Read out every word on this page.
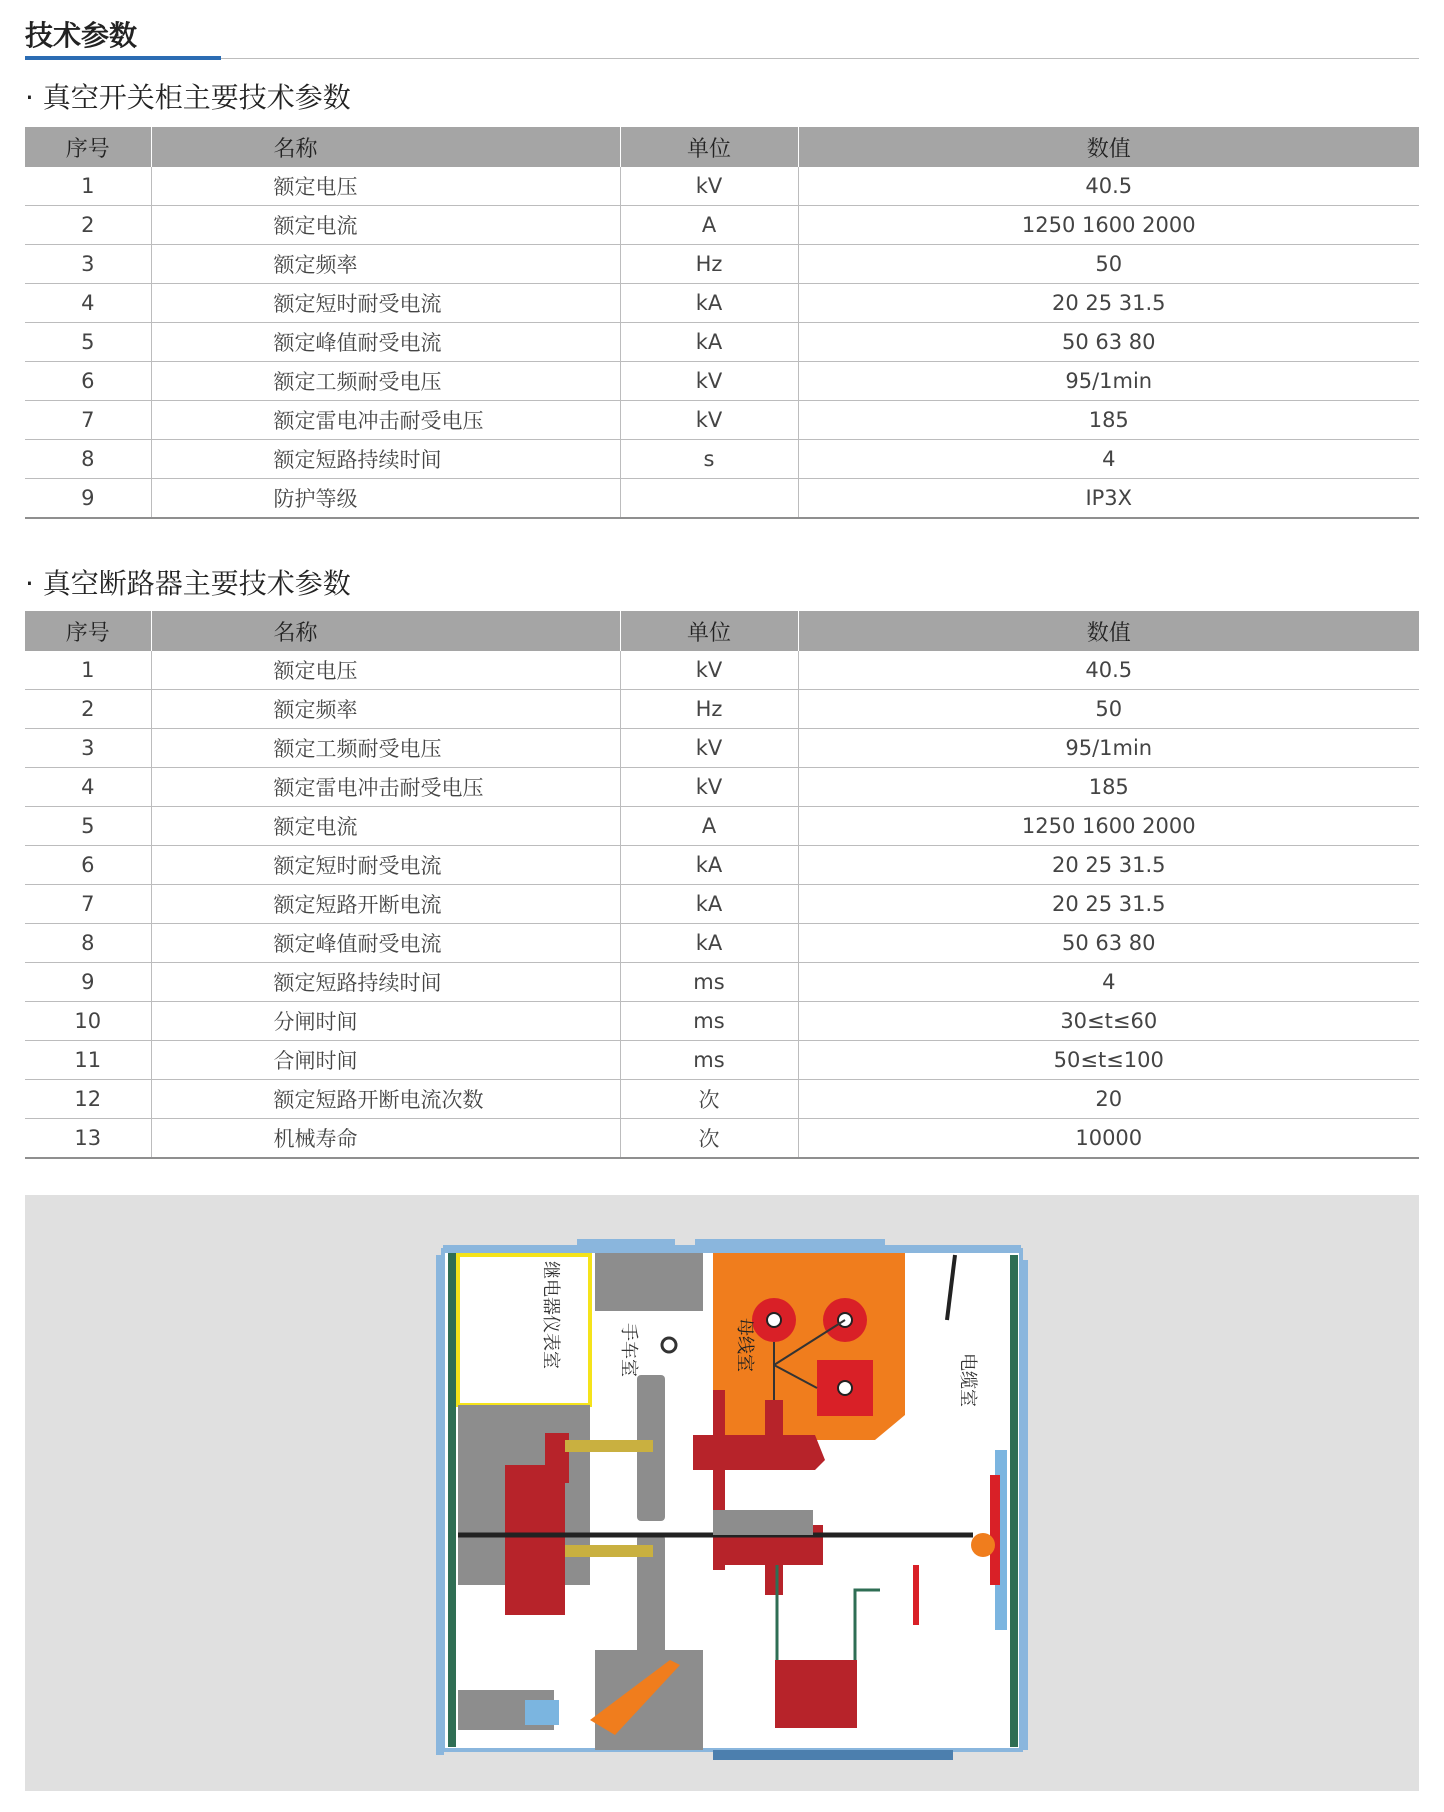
技术参数
· 真空开关柜主要技术参数
序号	名称	单位	数值
1	额定电压	kV	40.5
2	额定电流	A	1250 1600 2000
3	额定频率	Hz	50
4	额定短时耐受电流	kA	20 25 31.5
5	额定峰值耐受电流	kA	50 63 80
6	额定工频耐受电压	kV	95/1min
7	额定雷电冲击耐受电压	kV	185
8	额定短路持续时间	s	4
9	防护等级		IP3X
· 真空断路器主要技术参数
序号	名称	单位	数值
1	额定电压	kV	40.5
2	额定频率	Hz	50
3	额定工频耐受电压	kV	95/1min
4	额定雷电冲击耐受电压	kV	185
5	额定电流	A	1250 1600 2000
6	额定短时耐受电流	kA	20 25 31.5
7	额定短路开断电流	kA	20 25 31.5
8	额定峰值耐受电流	kA	50 63 80
9	额定短路持续时间	ms	4
10	分闸时间	ms	30≤t≤60
11	合闸时间	ms	50≤t≤100
12	额定短路开断电流次数	次	20
13	机械寿命	次	10000
继电器仪表室	手车室	母线室
电缆室
